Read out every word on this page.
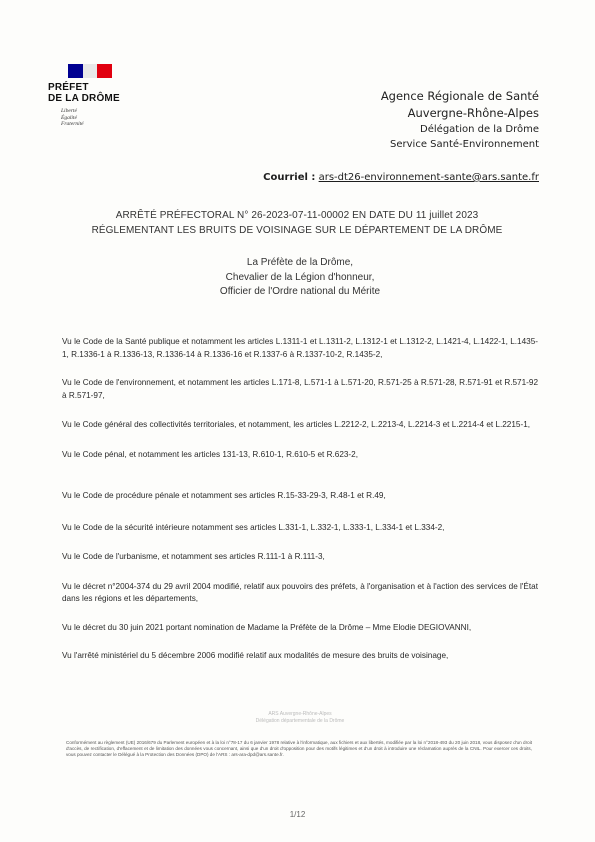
PRÉFET
DE LA DRÔME
Liberté
Égalité
Fraternité
Agence Régionale de Santé
Auvergne-Rhône-Alpes
Délégation de la Drôme
Service Santé-Environnement
Courriel : ars-dt26-environnement-sante@ars.sante.fr
ARRÊTÉ PRÉFECTORAL N° 26-2023-07-11-00002 EN DATE DU 11 juillet 2023
RÉGLEMENTANT LES BRUITS DE VOISINAGE SUR LE DÉPARTEMENT DE LA DRÔME
La Préfète de la Drôme,
Chevalier de la Légion d'honneur,
Officier de l'Ordre national du Mérite

Vu le Code de la Santé publique et notamment les articles L.1311-1 et L.1311-2, L.1312-1 et L.1312-2, L.1421-4, L.1422-1, L.1435-1, R.1336-1 à R.1336-13, R.1336-14 à R.1336-16 et R.1337-6 à R.1337-10-2, R.1435-2,

Vu le Code de l'environnement, et notamment les articles L.171-8, L.571-1 à L.571-20, R.571-25 à R.571-28, R.571-91 et R.571-92 à R.571-97,

Vu le Code général des collectivités territoriales, et notamment, les articles L.2212-2, L.2213-4, L.2214-3 et L.2214-4 et L.2215-1,

Vu le Code pénal, et notamment les articles 131-13, R.610-1, R.610-5 et R.623-2,

Vu le Code de procédure pénale et notamment ses articles R.15-33-29-3, R.48-1 et R.49,

Vu le Code de la sécurité intérieure notamment ses articles L.331-1, L.332-1, L.333-1, L.334-1 et L.334-2,

Vu le Code de l'urbanisme, et notamment ses articles R.111-1 à R.111-3,

Vu le décret n°2004-374 du 29 avril 2004 modifié, relatif aux pouvoirs des préfets, à l'organisation et à l'action des services de l'État dans les régions et les départements,

Vu le décret du 30 juin 2021 portant nomination de Madame la Préfète de la Drôme – Mme Elodie DEGIOVANNI,

Vu l'arrêté ministériel du 5 décembre 2006 modifié relatif aux modalités de mesure des bruits de voisinage,

ARS Auvergne-Rhône-Alpes
Délégation départementale de la Drôme
Conformément au règlement (UE) 2016/679 du Parlement européen et à la loi n°78-17 du 6 janvier 1978 relative à l'informatique, aux fichiers et aux libertés, modifiée par la loi n°2018-493 du 20 juin 2018, vous disposez d'un droit d'accès, de rectification, d'effacement et de limitation des données vous concernant, ainsi que d'un droit d'opposition pour des motifs légitimes et d'un droit à introduire une réclamation auprès de la CNIL. Pour exercer ces droits, vous pouvez contacter le Délégué à la Protection des Données (DPO) de l'ARS : ars-ara-dpd@ars.sante.fr.
1/12
